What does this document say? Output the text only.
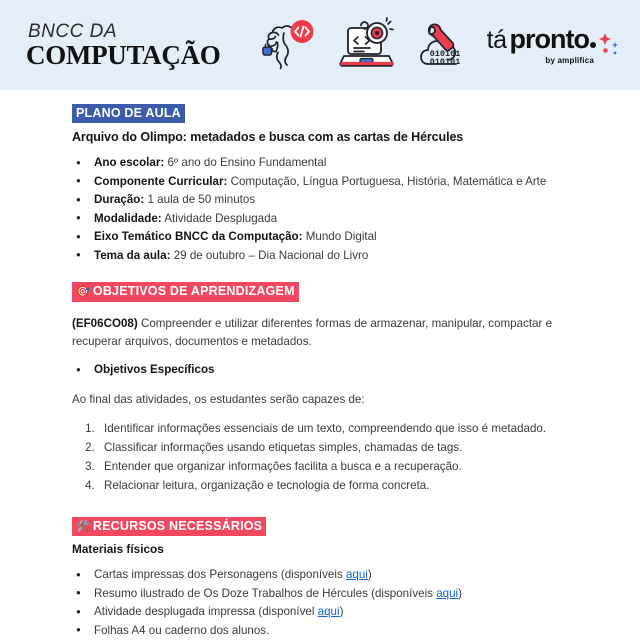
BNCC DA
COMPUTAÇÃO	010101
010101
tá pronto
by amplifica
PLANO DE AULA
Arquivo do Olimpo: metadados e busca com as cartas de Hércules
● Ano escolar: 6º ano do Ensino Fundamental
● Componente Curricular: Computação, Língua Portuguesa, História, Matemática e Arte
● Duração: 1 aula de 50 minutos
● Modalidade: Atividade Desplugada
● Eixo Temático BNCC da Computação: Mundo Digital
● Tema da aula: 29 de outubro – Dia Nacional do Livro
🎯 OBJETIVOS DE APRENDIZAGEM
(EF06CO08) Compreender e utilizar diferentes formas de armazenar, manipular, compactar e recuperar arquivos, documentos e metadados.
● Objetivos Específicos
Ao final das atividades, os estudantes serão capazes de:
1. Identificar informações essenciais de um texto, compreendendo que isso é metadado.
2. Classificar informações usando etiquetas simples, chamadas de tags.
3. Entender que organizar informações facilita a busca e a recuperação.
4. Relacionar leitura, organização e tecnologia de forma concreta.
🛠️ RECURSOS NECESSÁRIOS
Materiais físicos
● Cartas impressas dos Personagens (disponíveis aqui)
● Resumo ilustrado de Os Doze Trabalhos de Hércules (disponíveis aqui)
● Atividade desplugada impressa (disponível aqui)
● Folhas A4 ou caderno dos alunos.
